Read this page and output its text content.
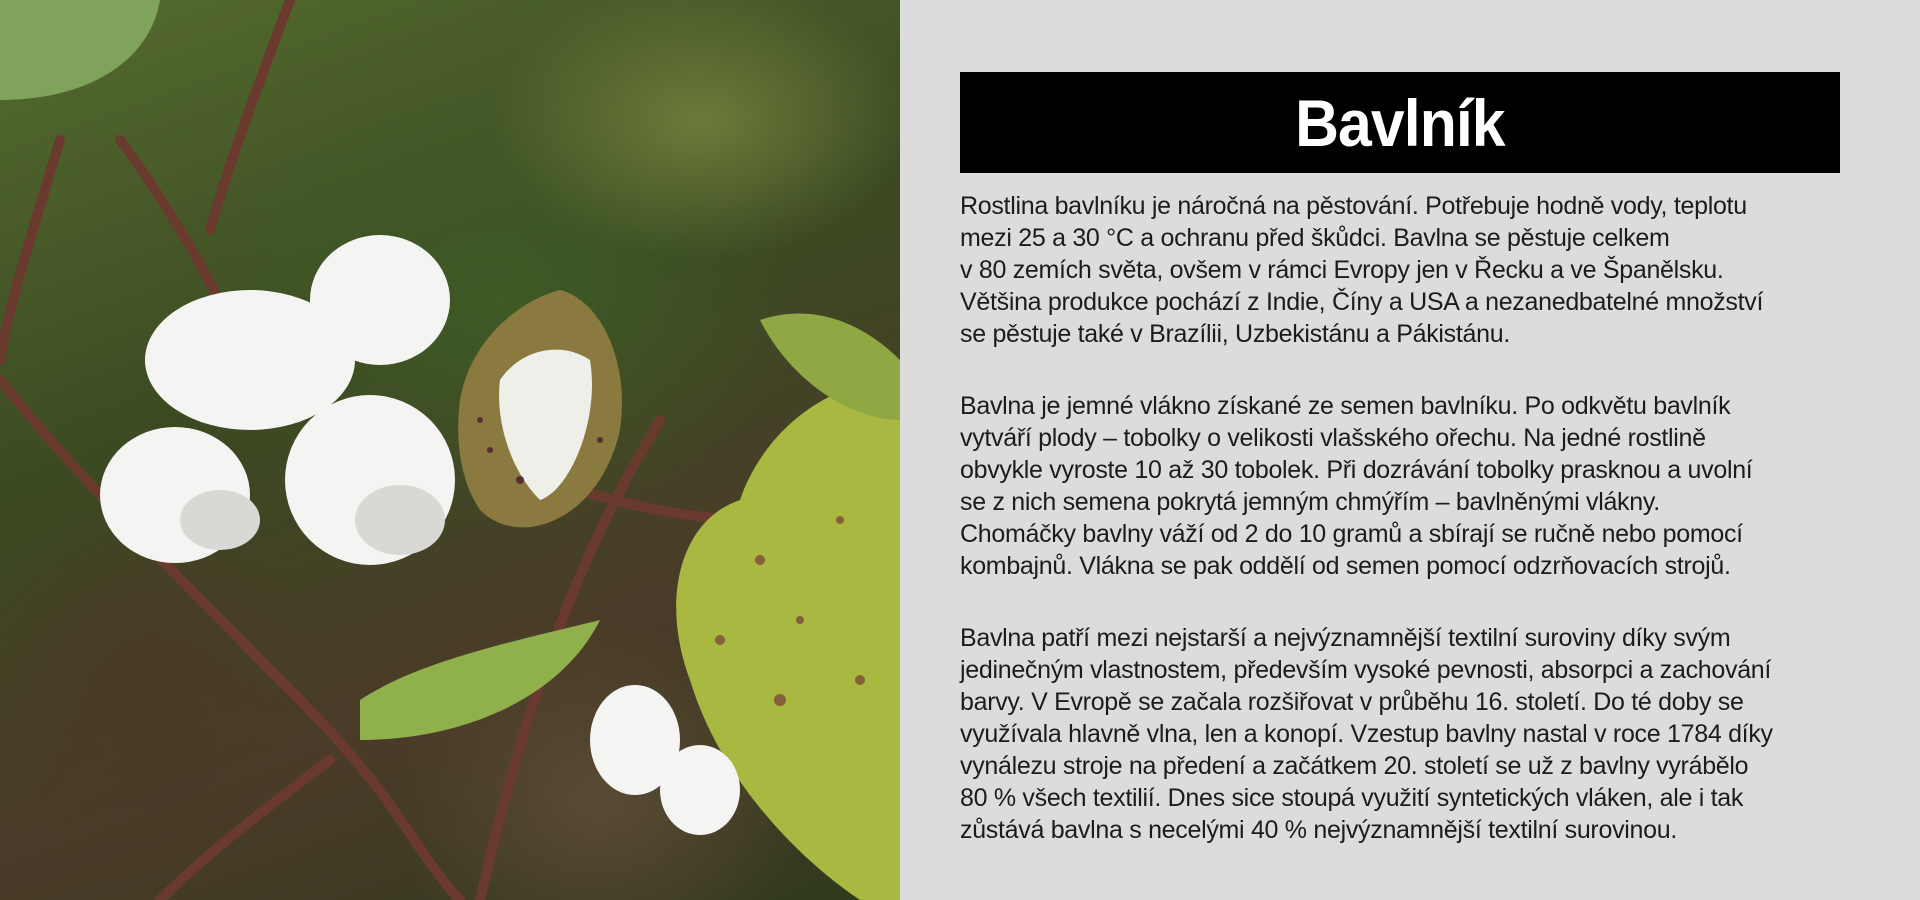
Bavlník

Rostlina bavlníku je náročná na pěstování. Potřebuje hodně vody, teplotu
mezi 25 a 30 °C a ochranu před škůdci. Bavlna se pěstuje celkem
v 80 zemích světa, ovšem v rámci Evropy jen v Řecku a ve Španělsku.
Většina produkce pochází z Indie, Číny a USA a nezanedbatelné množství
se pěstuje také v Brazílii, Uzbekistánu a Pákistánu.

Bavlna je jemné vlákno získané ze semen bavlníku. Po odkvětu bavlník
vytváří plody – tobolky o velikosti vlašského ořechu. Na jedné rostlině
obvykle vyroste 10 až 30 tobolek. Při dozrávání tobolky prasknou a uvolní
se z nich semena pokrytá jemným chmýřím – bavlněnými vlákny.
Chomáčky bavlny váží od 2 do 10 gramů a sbírají se ručně nebo pomocí
kombajnů. Vlákna se pak oddělí od semen pomocí odzrňovacích strojů.

Bavlna patří mezi nejstarší a nejvýznamnější textilní suroviny díky svým
jedinečným vlastnostem, především vysoké pevnosti, absorpci a zachování
barvy. V Evropě se začala rozšiřovat v průběhu 16. století. Do té doby se
využívala hlavně vlna, len a konopí. Vzestup bavlny nastal v roce 1784 díky
vynálezu stroje na předení a začátkem 20. století se už z bavlny vyrábělo
80 % všech textilií. Dnes sice stoupá využití syntetických vláken, ale i tak
zůstává bavlna s necelými 40 % nejvýznamnější textilní surovinou.
